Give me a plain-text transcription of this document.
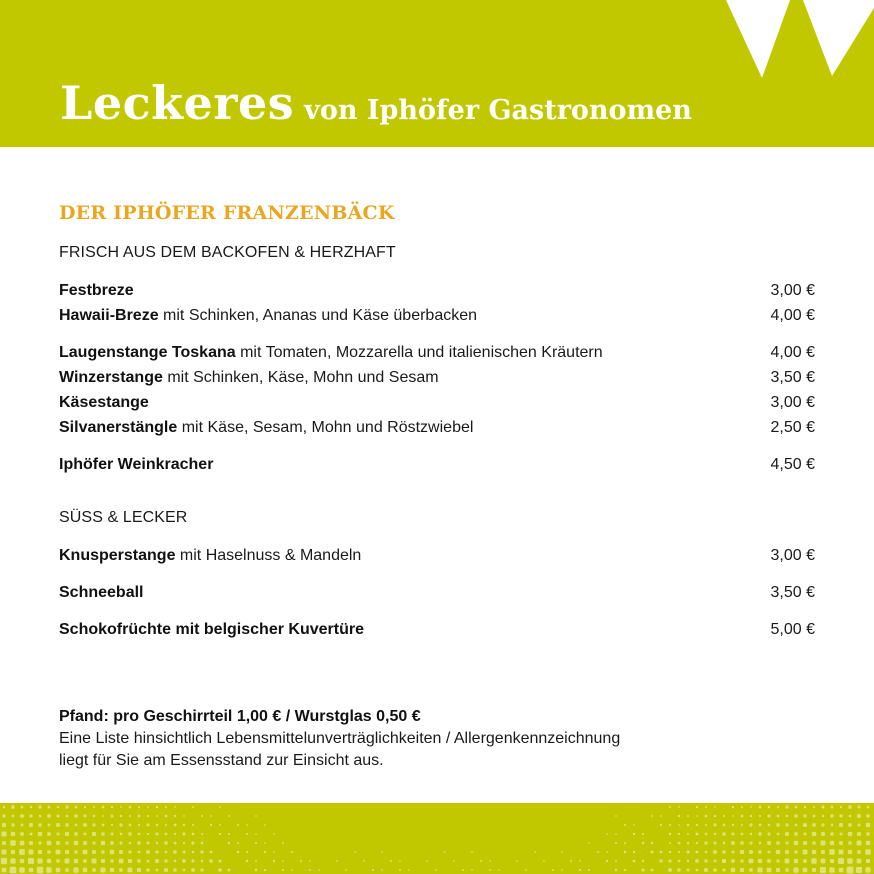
Leckeres von Iphöfer Gastronomen
DER IPHÖFER FRANZENBÄCK
FRISCH AUS DEM BACKOFEN & HERZHAFT
Festbreze	3,00 €
Hawaii-Breze mit Schinken, Ananas und Käse überbacken	4,00 €
Laugenstange Toskana mit Tomaten, Mozzarella und italienischen Kräutern	4,00 €
Winzerstange mit Schinken, Käse, Mohn und Sesam	3,50 €
Käsestange	3,00 €
Silvanerstängle mit Käse, Sesam, Mohn und Röstzwiebel	2,50 €
Iphöfer Weinkracher	4,50 €
SÜSS & LECKER
Knusperstange mit Haselnuss & Mandeln	3,00 €
Schneeball	3,50 €
Schokofrüchte mit belgischer Kuvertüre	5,00 €
Pfand: pro Geschirrteil 1,00 € / Wurstglas 0,50 €
Eine Liste hinsichtlich Lebensmittelunverträglichkeiten / Allergenkennzeichnung
liegt für Sie am Essensstand zur Einsicht aus.
